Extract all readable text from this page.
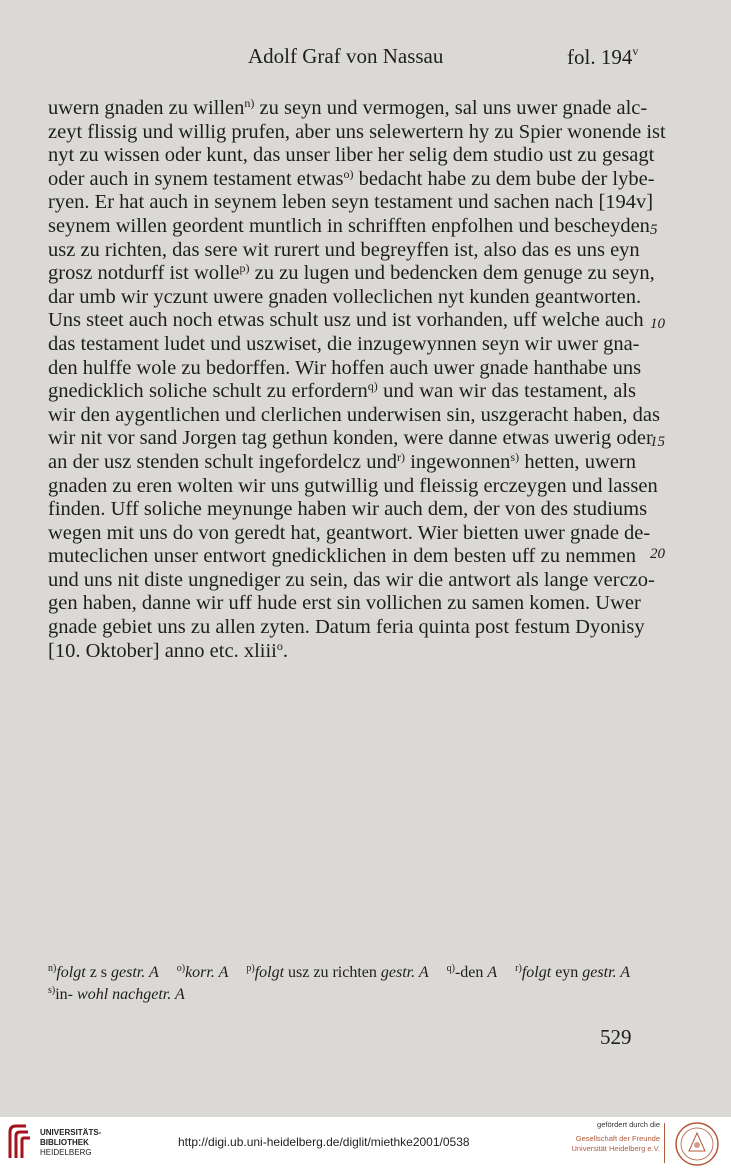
Adolf Graf von Nassau	fol. 194$^v$
uwern gnaden zu willen$^{n)}$ zu seyn und vermogen, sal uns uwer gnade alc-
zeyt flissig und willig prufen, aber uns selewertern hy zu Spier wonende ist
nyt zu wissen oder kunt, das unser liber her selig dem studio ust zu gesagt
oder auch in synem testament etwas$^{o)}$ bedacht habe zu dem bube der lybe-
ryen. Er hat auch in seynem leben seyn testament und sachen nach [194v]
seynem willen geordent muntlich in schrifften enpfolhen und bescheyden
usz zu richten, das sere wit rurert und begreyffen ist, also das es uns eyn
grosz notdurff ist wolle$^{p)}$ zu zu lugen und bedencken dem genuge zu seyn,
dar umb wir yczunt uwere gnaden volleclichen nyt kunden geantworten.
Uns steet auch noch etwas schult usz und ist vorhanden, uff welche auch
das testament ludet und uszwiset, die inzugewynnen seyn wir uwer gna-
den hulffe wole zu bedorffen. Wir hoffen auch uwer gnade hanthabe uns
gnedicklich soliche schult zu erfordern$^{q)}$ und wan wir das testament, als
wir den aygentlichen und clerlichen underwisen sin, uszgeracht haben, das
wir nit vor sand Jorgen tag gethun konden, were danne etwas uwerig oder
an der usz stenden schult ingefordelcz und$^{r)}$ ingewonnen$^{s)}$ hetten, uwern
gnaden zu eren wolten wir uns gutwillig und fleissig erczeygen und lassen
finden. Uff soliche meynunge haben wir auch dem, der von des studiums
wegen mit uns do von geredt hat, geantwort. Wier bietten uwer gnade de-
muteclichen unser entwort gnedicklichen in dem besten uff zu nemmen
und uns nit diste ungnediger zu sein, das wir die antwort als lange verczo-
gen haben, danne wir uff hude erst sin vollichen zu samen komen. Uwer
gnade gebiet uns zu allen zyten. Datum feria quinta post festum Dyonisy
[10. Oktober] anno etc. xliii$^o$.
5
10
15
20
$^{n)}$folgt z s gestr. A $^{o)}$korr. A $^{p)}$folgt usz zu richten gestr. A $^{q)}$-den A $^{r)}$folgt eyn gestr. A
$^{s)}$in- wohl nachgetr. A
529
UNIVERSITÄTS-
BIBLIOTHEK
HEIDELBERG
http://digi.ub.uni-heidelberg.de/diglit/miethke2001/0538
gefördert durch die
Gesellschaft der Freunde
Universität Heidelberg e.V.
